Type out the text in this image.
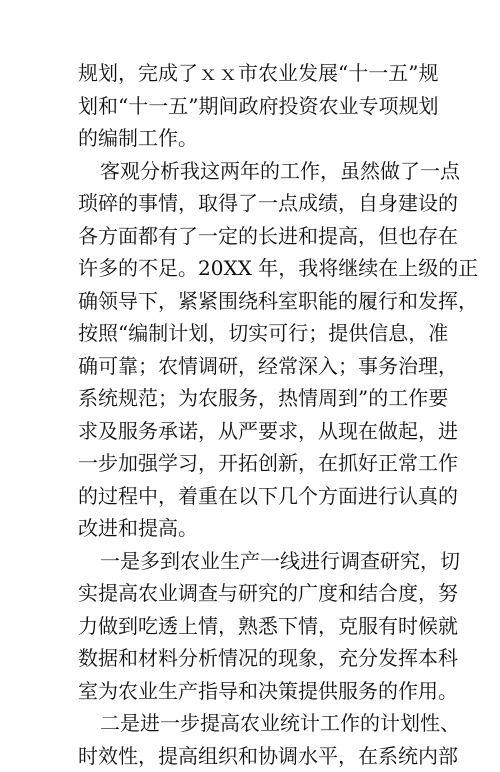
规划，完成了ｘｘ市农业发展“十一五”规
划和“十一五”期间政府投资农业专项规划
的编制工作。
客观分析我这两年的工作，虽然做了一点
琐碎的事情，取得了一点成绩，自身建设的
各方面都有了一定的长进和提高，但也存在
许多的不足。20XX 年，我将继续在上级的正
确领导下，紧紧围绕科室职能的履行和发挥，
按照“编制计划，切实可行；提供信息，准
确可靠；农情调研，经常深入；事务治理，
系统规范；为农服务，热情周到”的工作要
求及服务承诺，从严要求，从现在做起，进
一步加强学习，开拓创新，在抓好正常工作
的过程中，着重在以下几个方面进行认真的
改进和提高。
一是多到农业生产一线进行调查研究，切
实提高农业调查与研究的广度和结合度，努
力做到吃透上情，熟悉下情，克服有时候就
数据和材料分析情况的现象，充分发挥本科
室为农业生产指导和决策提供服务的作用。
二是进一步提高农业统计工作的计划性、
时效性，提高组织和协调水平，在系统内部
